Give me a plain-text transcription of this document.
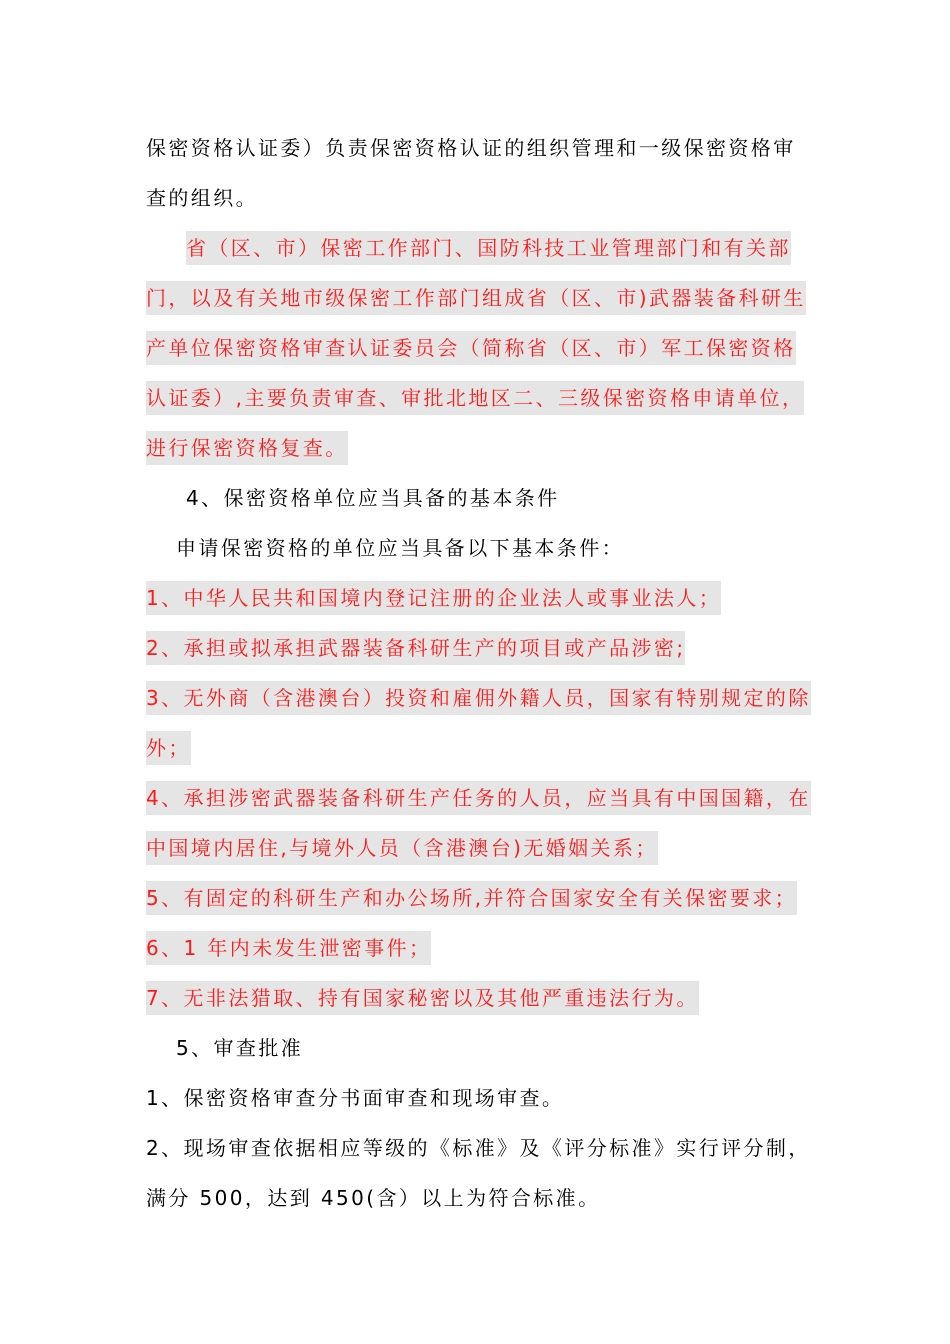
保密资格认证委）负责保密资格认证的组织管理和一级保密资格审
查的组织。
省（区、市）保密工作部门、国防科技工业管理部门和有关部
门，以及有关地市级保密工作部门组成省（区、市)武器装备科研生
产单位保密资格审查认证委员会（简称省（区、市）军工保密资格
认证委）,主要负责审查、审批北地区二、三级保密资格申请单位，
进行保密资格复查。
4、保密资格单位应当具备的基本条件
申请保密资格的单位应当具备以下基本条件：
1、中华人民共和国境内登记注册的企业法人或事业法人；
2、承担或拟承担武器装备科研生产的项目或产品涉密;
3、无外商（含港澳台）投资和雇佣外籍人员，国家有特别规定的除
外；
4、承担涉密武器装备科研生产任务的人员，应当具有中国国籍，在
中国境内居住,与境外人员（含港澳台)无婚姻关系；
5、有固定的科研生产和办公场所,并符合国家安全有关保密要求；
6、1 年内未发生泄密事件；
7、无非法猎取、持有国家秘密以及其他严重违法行为。
5、审查批准
1、保密资格审查分书面审查和现场审查。
2、现场审查依据相应等级的《标准》及《评分标准》实行评分制，
满分 500，达到 450(含）以上为符合标准。
